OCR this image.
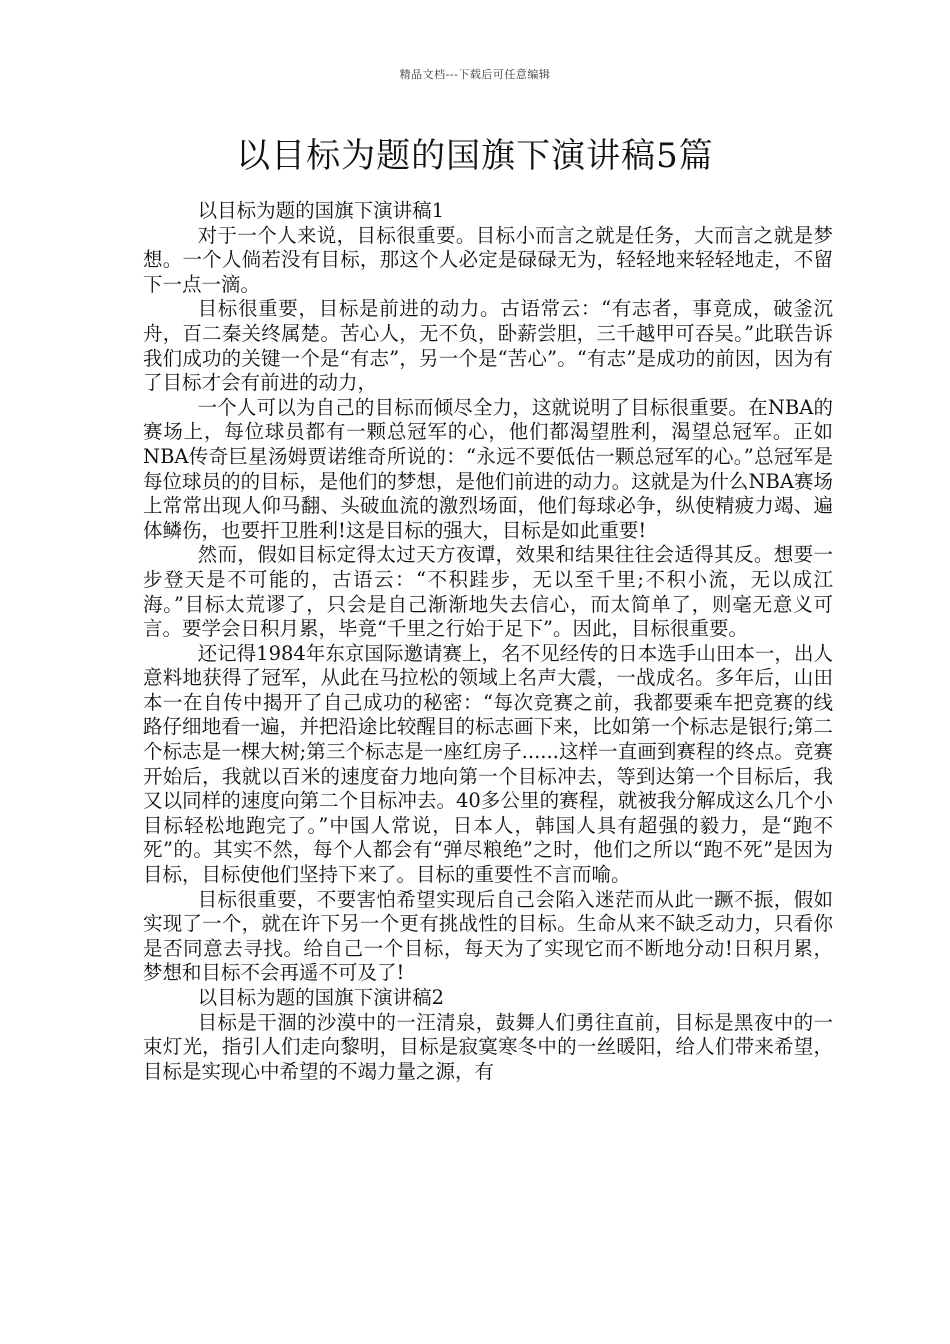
精品文档---下载后可任意编辑
以目标为题的国旗下演讲稿5篇

以目标为题的国旗下演讲稿1

对于一个人来说，目标很重要。目标小而言之就是任务，大而言之就是梦想。一个人倘若没有目标，那这个人必定是碌碌无为，轻轻地来轻轻地走，不留下一点一滴。

目标很重要，目标是前进的动力。古语常云：“有志者，事竟成，破釜沉舟，百二秦关终属楚。苦心人，无不负，卧薪尝胆，三千越甲可吞吴。”此联告诉我们成功的关键一个是“有志”，另一个是“苦心”。“有志”是成功的前因，因为有了目标才会有前进的动力，

一个人可以为自己的目标而倾尽全力，这就说明了目标很重要。在NBA的赛场上，每位球员都有一颗总冠军的心，他们都渴望胜利，渴望总冠军。正如NBA传奇巨星汤姆贾诺维奇所说的：“永远不要低估一颗总冠军的心。”总冠军是每位球员的的目标，是他们的梦想，是他们前进的动力。这就是为什么NBA赛场上常常出现人仰马翻、头破血流的激烈场面，他们每球必争，纵使精疲力竭、遍体鳞伤，也要扞卫胜利!这是目标的强大，目标是如此重要!

然而，假如目标定得太过天方夜谭，效果和结果往往会适得其反。想要一步登天是不可能的，古语云：“不积跬步，无以至千里;不积小流，无以成江海。”目标太荒谬了，只会是自己渐渐地失去信心，而太简单了，则毫无意义可言。要学会日积月累，毕竟“千里之行始于足下”。因此，目标很重要。

还记得1984年东京国际邀请赛上，名不见经传的日本选手山田本一，出人意料地获得了冠军，从此在马拉松的领域上名声大震，一战成名。多年后，山田本一在自传中揭开了自己成功的秘密：“每次竞赛之前，我都要乘车把竞赛的线路仔细地看一遍，并把沿途比较醒目的标志画下来，比如第一个标志是银行;第二个标志是一棵大树;第三个标志是一座红房子......这样一直画到赛程的终点。竞赛开始后，我就以百米的速度奋力地向第一个目标冲去，等到达第一个目标后，我又以同样的速度向第二个目标冲去。40多公里的赛程，就被我分解成这么几个小目标轻松地跑完了。”中国人常说，日本人，韩国人具有超强的毅力，是“跑不死”的。其实不然，每个人都会有“弹尽粮绝”之时，他们之所以“跑不死”是因为目标，目标使他们坚持下来了。目标的重要性不言而喻。

目标很重要，不要害怕希望实现后自己会陷入迷茫而从此一蹶不振，假如实现了一个，就在许下另一个更有挑战性的目标。生命从来不缺乏动力，只看你是否同意去寻找。给自己一个目标，每天为了实现它而不断地分动!日积月累，梦想和目标不会再遥不可及了!

以目标为题的国旗下演讲稿2

目标是干涸的沙漠中的一汪清泉，鼓舞人们勇往直前，目标是黑夜中的一束灯光，指引人们走向黎明，目标是寂寞寒冬中的一丝暖阳，给人们带来希望，目标是实现心中希望的不竭力量之源，有
